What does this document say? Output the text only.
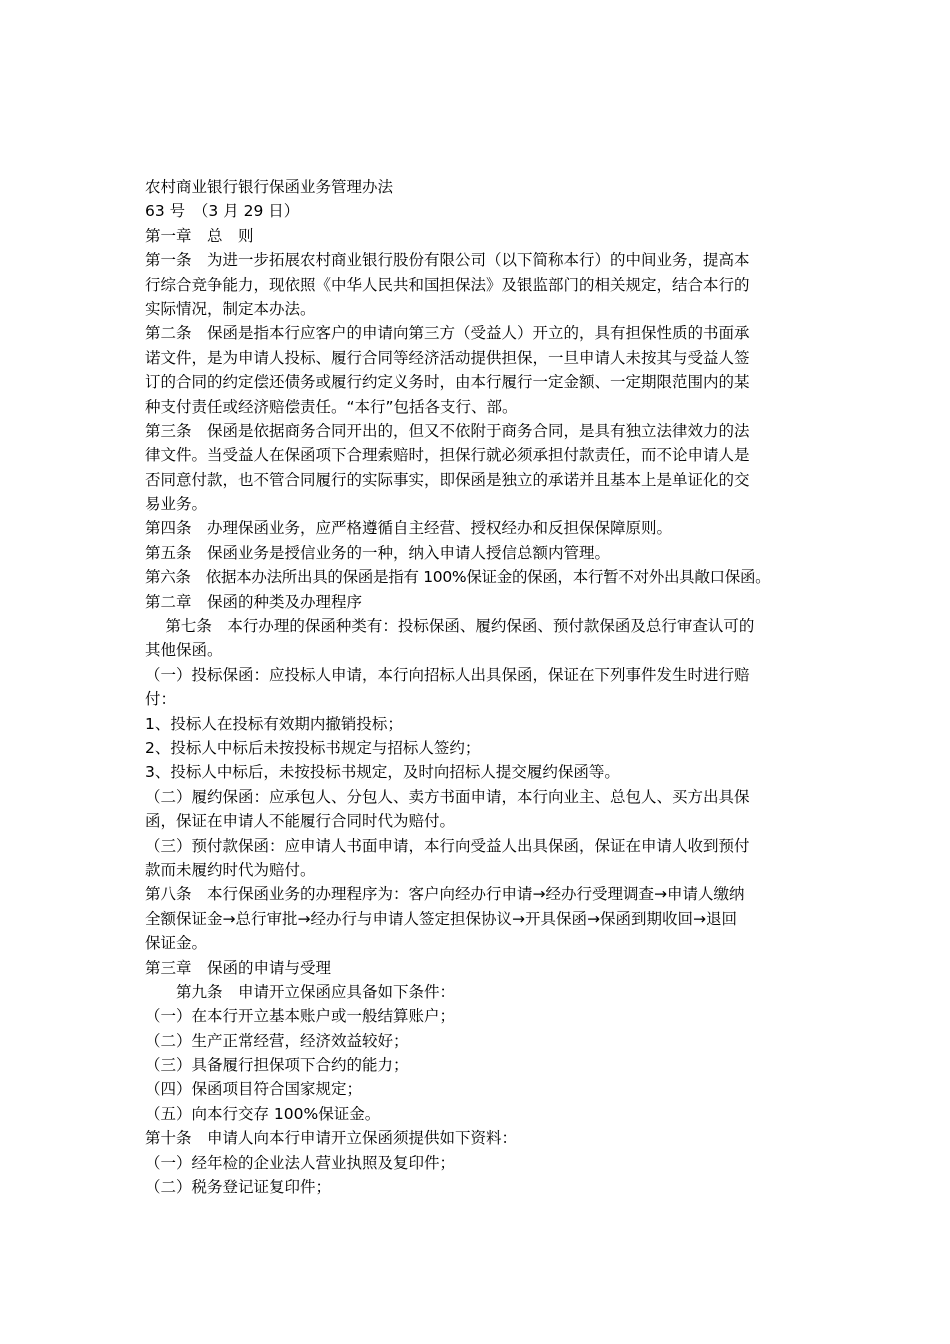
农村商业银行银行保函业务管理办法
63 号　（3 月 29 日）
第一章　总　则
第一条　为进一步拓展农村商业银行股份有限公司（以下简称本行）的中间业务，提高本
行综合竞争能力，现依照《中华人民共和国担保法》及银监部门的相关规定，结合本行的
实际情况，制定本办法。
第二条　保函是指本行应客户的申请向第三方（受益人）开立的，具有担保性质的书面承
诺文件，是为申请人投标、履行合同等经济活动提供担保，一旦申请人未按其与受益人签
订的合同的约定偿还债务或履行约定义务时，由本行履行一定金额、一定期限范围内的某
种支付责任或经济赔偿责任。“本行”包括各支行、部。
第三条　保函是依据商务合同开出的，但又不依附于商务合同，是具有独立法律效力的法
律文件。当受益人在保函项下合理索赔时，担保行就必须承担付款责任，而不论申请人是
否同意付款，也不管合同履行的实际事实，即保函是独立的承诺并且基本上是单证化的交
易业务。
第四条　办理保函业务，应严格遵循自主经营、授权经办和反担保保障原则。
第五条　保函业务是授信业务的一种，纳入申请人授信总额内管理。
第六条　依据本办法所出具的保函是指有 100%保证金的保函，本行暂不对外出具敞口保函。
第二章　保函的种类及办理程序
　 第七条　本行办理的保函种类有：投标保函、履约保函、预付款保函及总行审查认可的
其他保函。
（一）投标保函：应投标人申请，本行向招标人出具保函，保证在下列事件发生时进行赔
付：
1、投标人在投标有效期内撤销投标；
2、投标人中标后未按投标书规定与招标人签约；
3、投标人中标后，未按投标书规定，及时向招标人提交履约保函等。
（二）履约保函：应承包人、分包人、卖方书面申请，本行向业主、总包人、买方出具保
函，保证在申请人不能履行合同时代为赔付。
（三）预付款保函：应申请人书面申请，本行向受益人出具保函，保证在申请人收到预付
款而未履约时代为赔付。
第八条　本行保函业务的办理程序为：客户向经办行申请→经办行受理调查→申请人缴纳
全额保证金→总行审批→经办行与申请人签定担保协议→开具保函→保函到期收回→退回
保证金。
第三章　保函的申请与受理
　　第九条　申请开立保函应具备如下条件：
（一）在本行开立基本账户或一般结算账户；
（二）生产正常经营，经济效益较好；
（三）具备履行担保项下合约的能力；
（四）保函项目符合国家规定；
（五）向本行交存 100%保证金。
第十条　申请人向本行申请开立保函须提供如下资料：
（一）经年检的企业法人营业执照及复印件；
（二）税务登记证复印件；
